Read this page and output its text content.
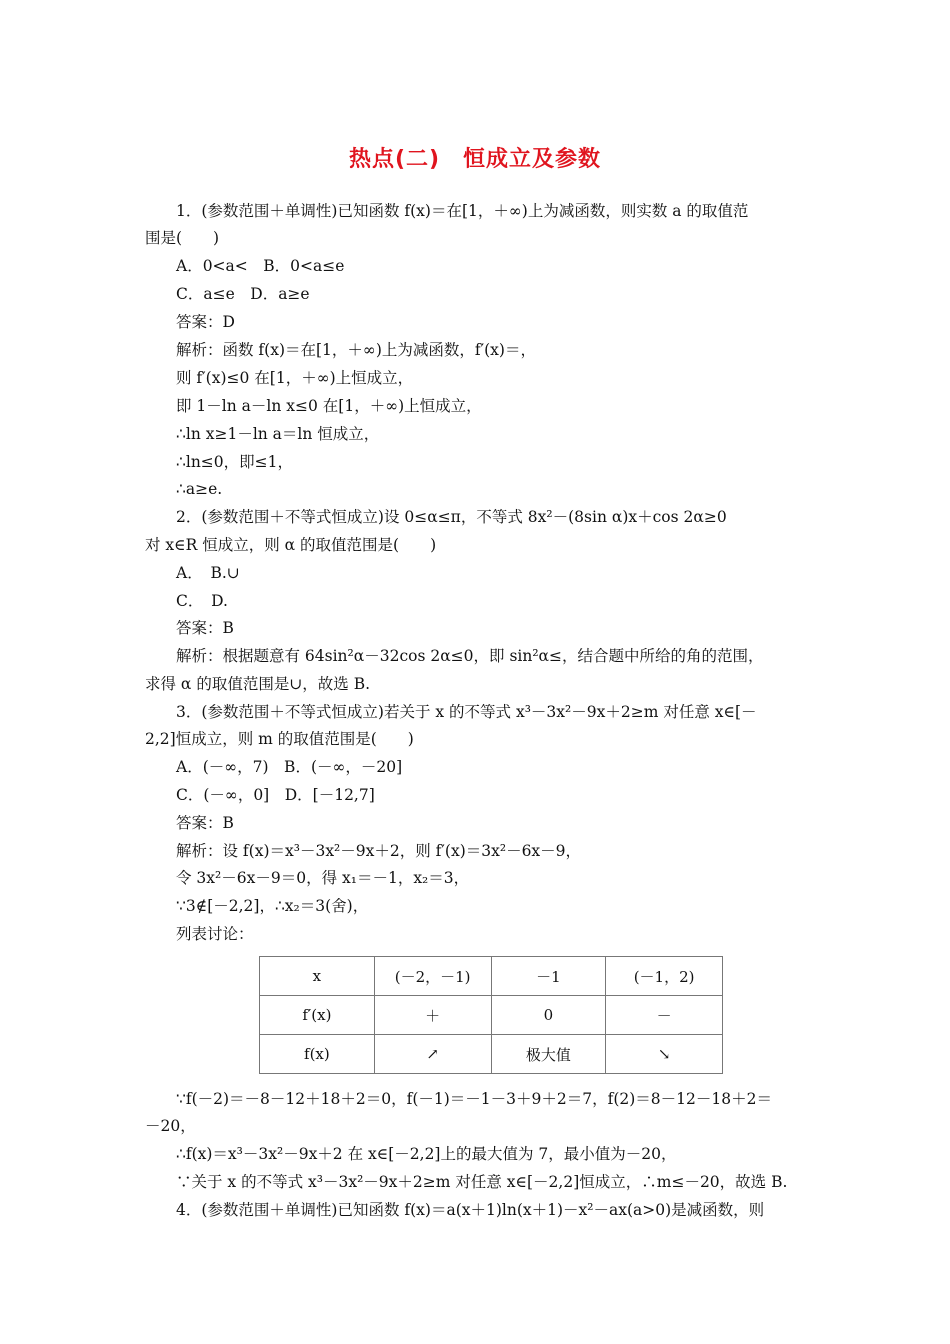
热点(二)　恒成立及参数
1．(参数范围＋单调性)已知函数 f(x)＝在[1，＋∞)上为减函数，则实数 a 的取值范
围是(　　)
A．0<a<　B．0<a≤e
C．a≤e　D．a≥e
答案：D
解析：函数 f(x)＝在[1，＋∞)上为减函数，f′(x)＝，
则 f′(x)≤0 在[1，＋∞)上恒成立，
即 1－ln a－ln x≤0 在[1，＋∞)上恒成立，
∴ln x≥1－ln a＝ln 恒成立，
∴ln≤0，即≤1，
∴a≥e.
2．(参数范围＋不等式恒成立)设 0≤α≤π，不等式 8x²－(8sin α)x＋cos 2α≥0
对 x∈R 恒成立，则 α 的取值范围是(　　)
A．　B.∪
C．　D.
答案：B
解析：根据题意有 64sin²α－32cos 2α≤0，即 sin²α≤，结合题中所给的角的范围，
求得 α 的取值范围是∪，故选 B.
3．(参数范围＋不等式恒成立)若关于 x 的不等式 x³－3x²－9x＋2≥m 对任意 x∈[－
2,2]恒成立，则 m 的取值范围是(　　)
A．(－∞，7)　B．(－∞，－20]
C．(－∞，0]　D．[－12,7]
答案：B
解析：设 f(x)＝x³－3x²－9x＋2，则 f′(x)＝3x²－6x－9，
令 3x²－6x－9＝0，得 x₁＝－1，x₂＝3，
∵3∉[－2,2]，∴x₂＝3(舍)，
列表讨论：
x	(－2，－1)	－1	(－1，2)
f′(x)	＋	0	－
f(x)	↗	极大值	↘
∵f(－2)＝－8－12＋18＋2＝0，f(－1)＝－1－3＋9＋2＝7，f(2)＝8－12－18＋2＝
－20，
∴f(x)＝x³－3x²－9x＋2 在 x∈[－2,2]上的最大值为 7，最小值为－20，
∵关于 x 的不等式 x³－3x²－9x＋2≥m 对任意 x∈[－2,2]恒成立，∴m≤－20，故选 B.
4．(参数范围＋单调性)已知函数 f(x)＝a(x＋1)ln(x＋1)－x²－ax(a>0)是减函数，则
